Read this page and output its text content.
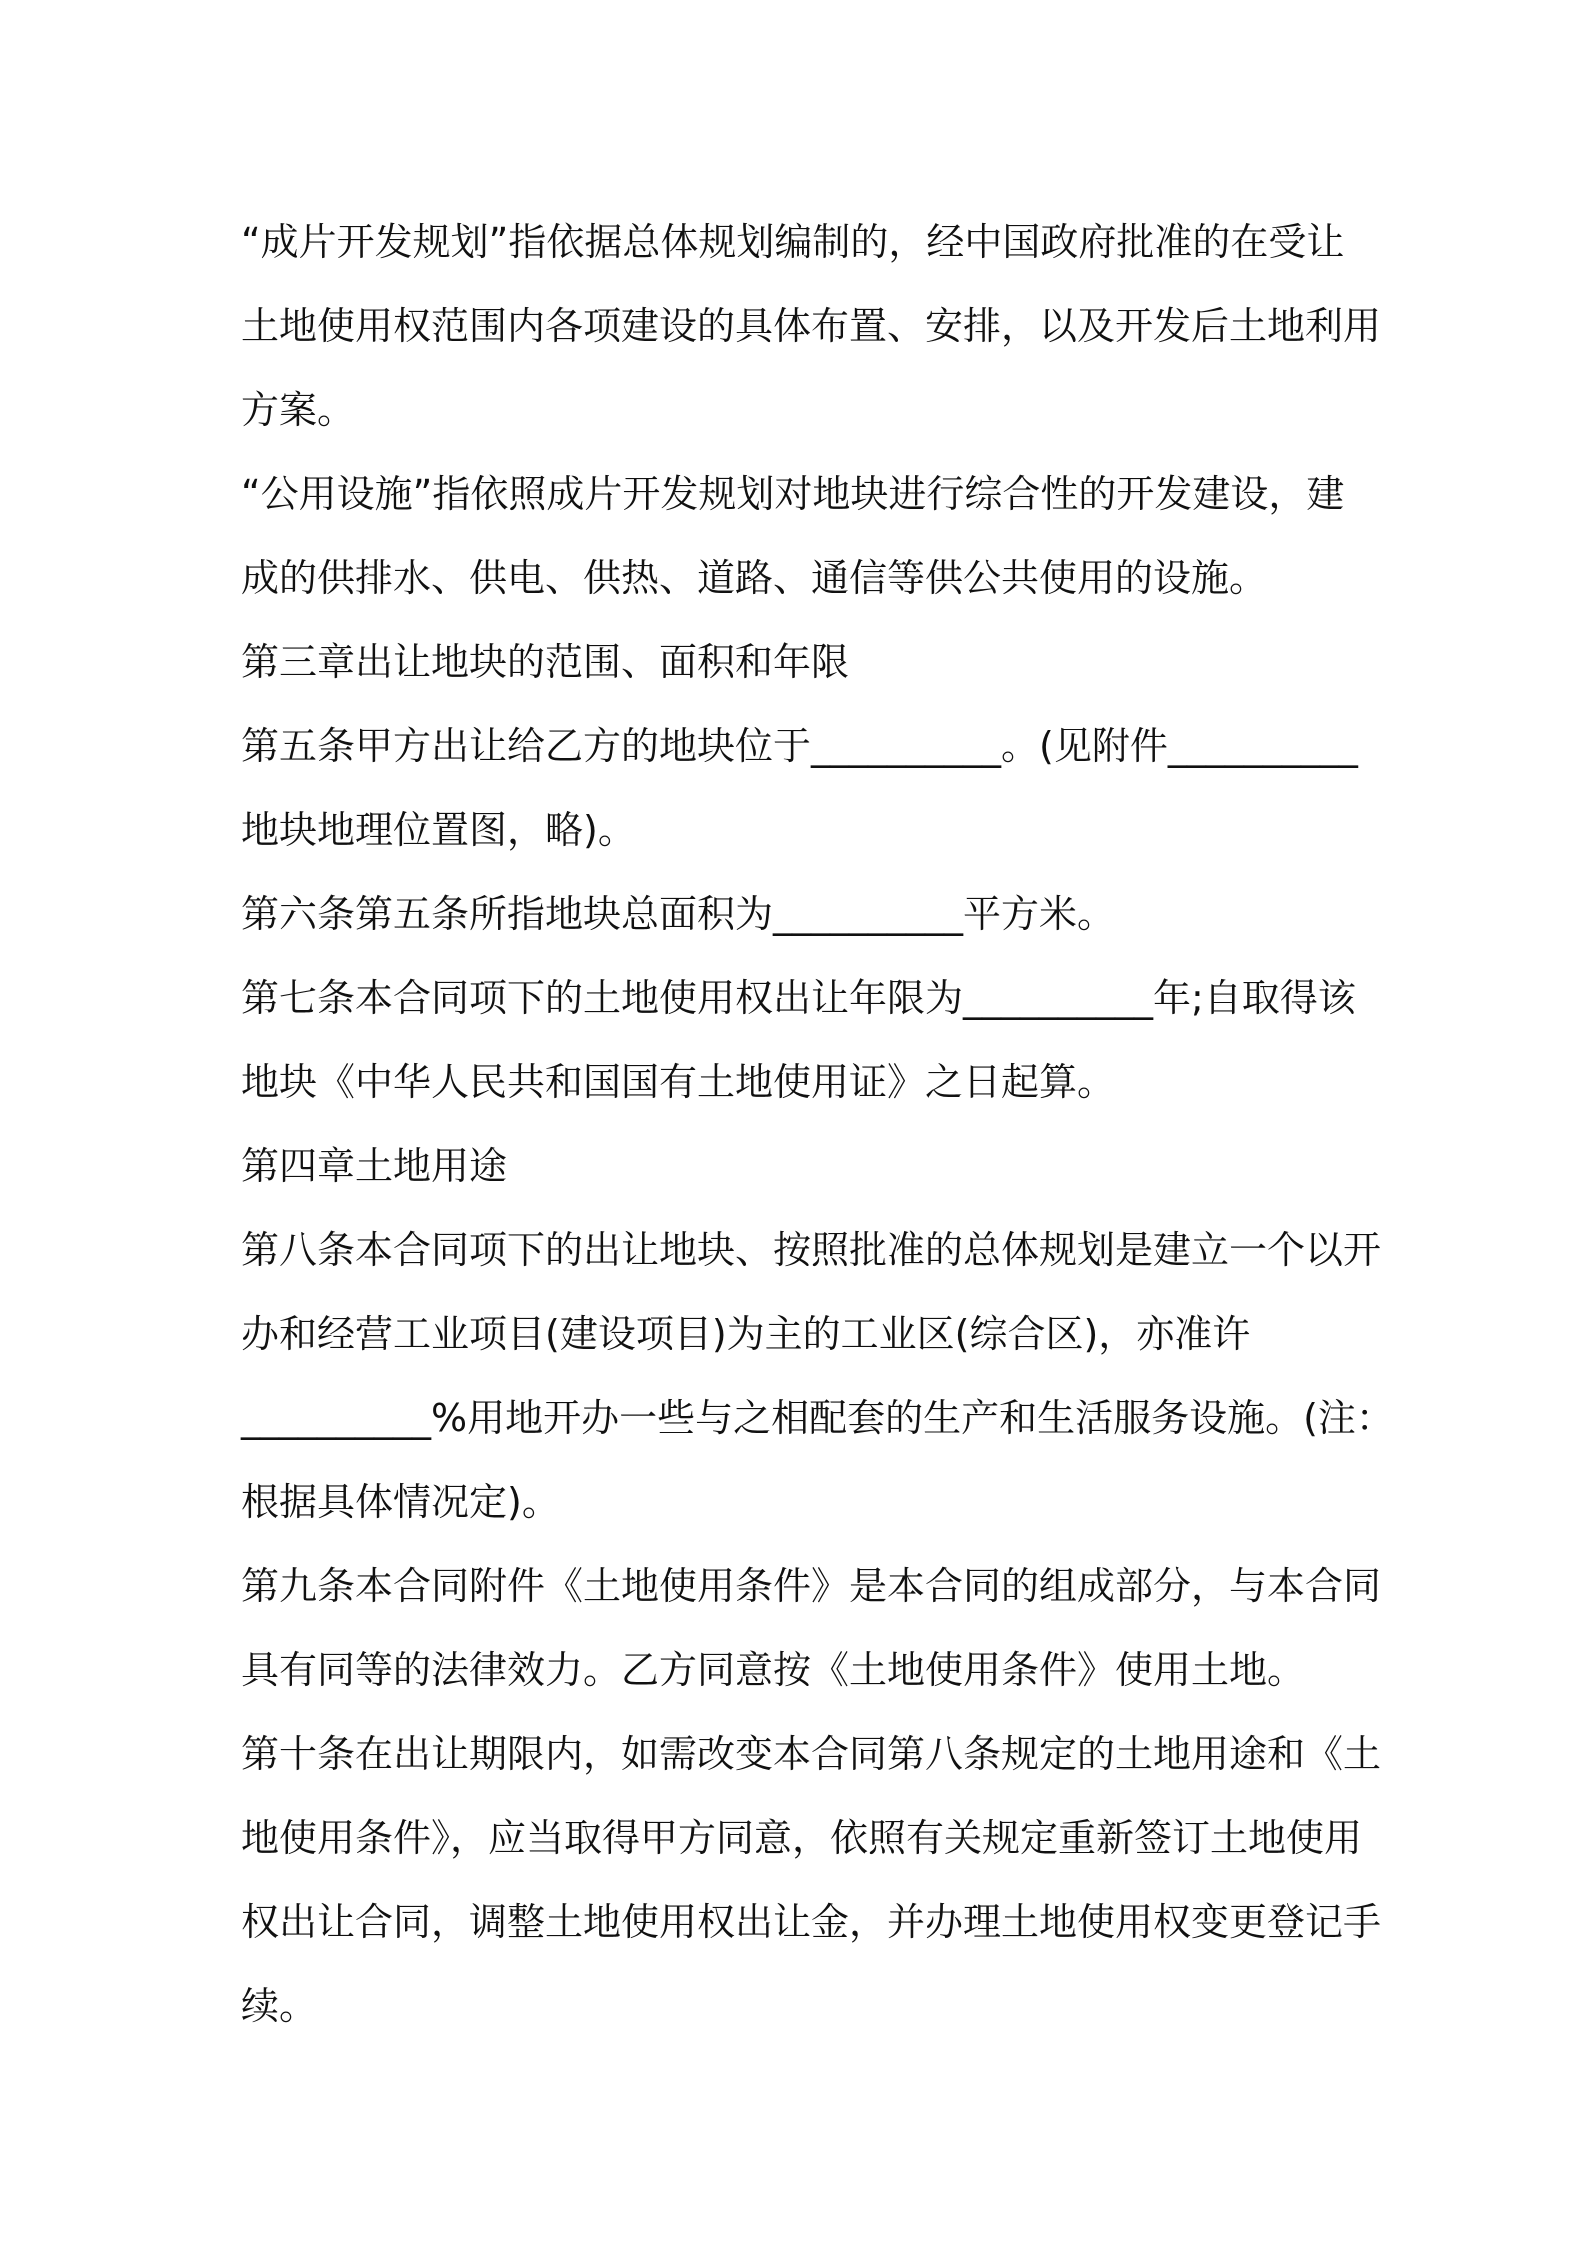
“成片开发规划”指依据总体规划编制的，经中国政府批准的在受让
土地使用权范围内各项建设的具体布置、安排，以及开发后土地利用
方案。
“公用设施”指依照成片开发规划对地块进行综合性的开发建设，建
成的供排水、供电、供热、道路、通信等供公共使用的设施。
第三章出让地块的范围、面积和年限
第五条甲方出让给乙方的地块位于__________。(见附件__________
地块地理位置图，略)。
第六条第五条所指地块总面积为__________平方米。
第七条本合同项下的土地使用权出让年限为__________年;自取得该
地块《中华人民共和国国有土地使用证》之日起算。
第四章土地用途
第八条本合同项下的出让地块、按照批准的总体规划是建立一个以开
办和经营工业项目(建设项目)为主的工业区(综合区)，亦准许
__________%用地开办一些与之相配套的生产和生活服务设施。(注：
根据具体情况定)。
第九条本合同附件《土地使用条件》是本合同的组成部分，与本合同
具有同等的法律效力。乙方同意按《土地使用条件》使用土地。
第十条在出让期限内，如需改变本合同第八条规定的土地用途和《土
地使用条件》，应当取得甲方同意，依照有关规定重新签订土地使用
权出让合同，调整土地使用权出让金，并办理土地使用权变更登记手
续。
